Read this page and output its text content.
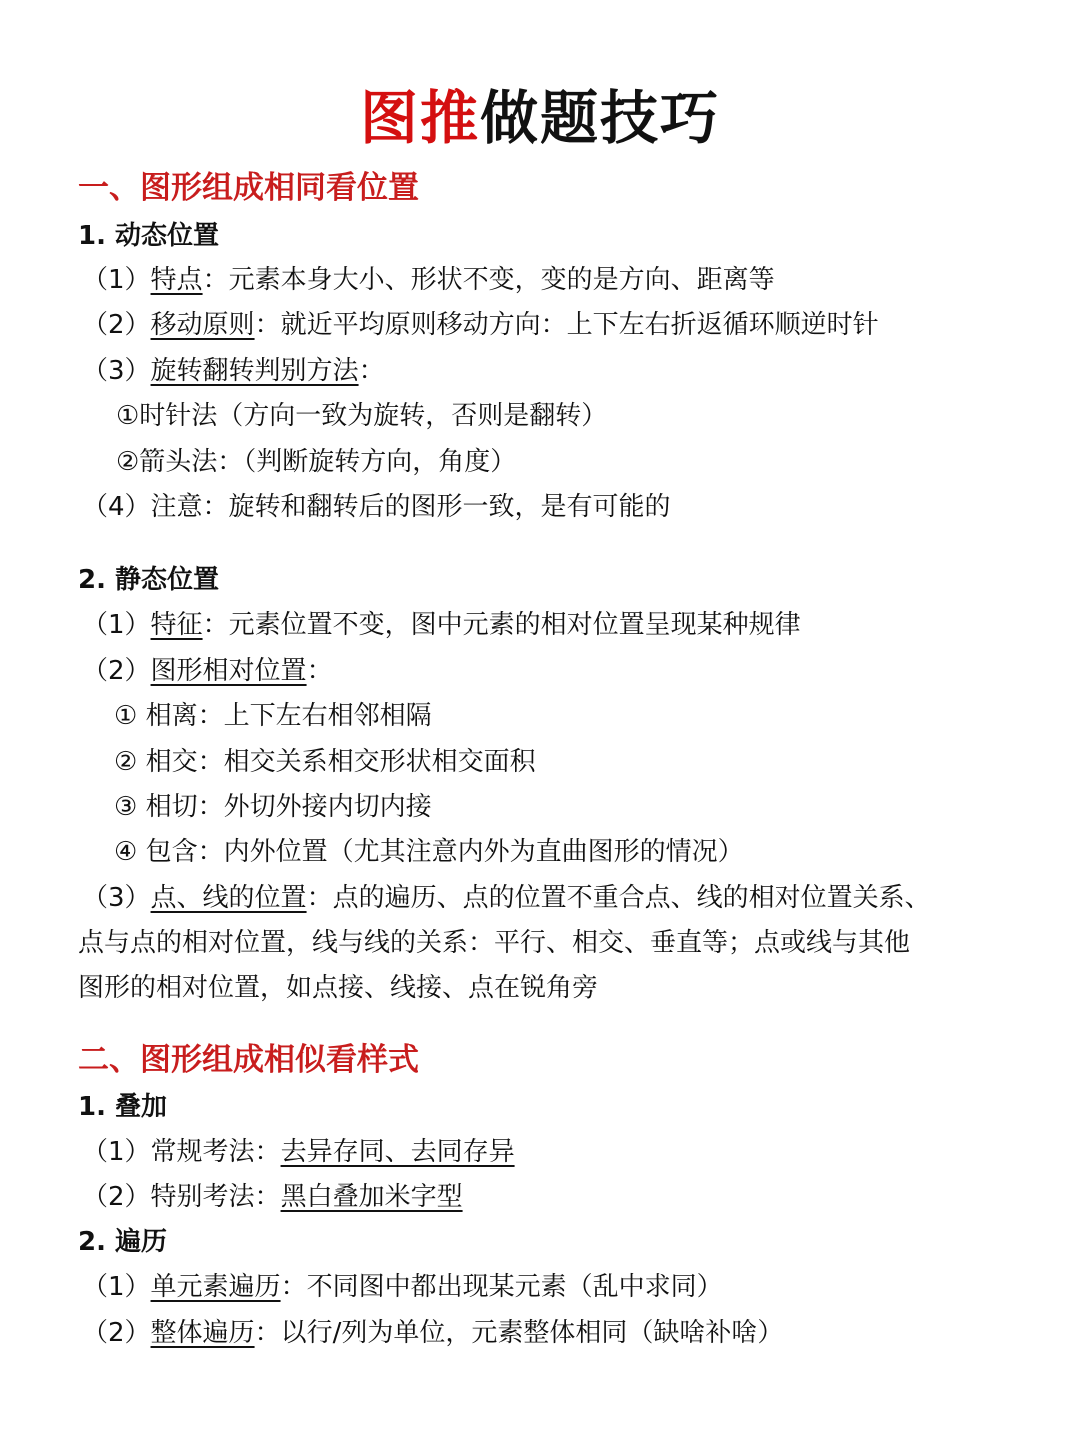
图推做题技巧
一、图形组成相同看位置
1. 动态位置
（1）特点：元素本身大小、形状不变，变的是方向、距离等
（2）移动原则：就近平均原则移动方向：上下左右折返循环顺逆时针
（3）旋转翻转判别方法：
①时针法（方向一致为旋转，否则是翻转）
②箭头法：（判断旋转方向，角度）
（4）注意：旋转和翻转后的图形一致，是有可能的
2. 静态位置
（1）特征：元素位置不变，图中元素的相对位置呈现某种规律
（2）图形相对位置：
① 相离：上下左右相邻相隔
② 相交：相交关系相交形状相交面积
③ 相切：外切外接内切内接
④ 包含：内外位置（尤其注意内外为直曲图形的情况）
（3）点、线的位置：点的遍历、点的位置不重合点、线的相对位置关系、
点与点的相对位置，线与线的关系：平行、相交、垂直等；点或线与其他
图形的相对位置，如点接、线接、点在锐角旁
二、图形组成相似看样式
1. 叠加
（1）常规考法：去异存同、去同存异
（2）特别考法：黑白叠加米字型
2. 遍历
（1）单元素遍历：不同图中都出现某元素（乱中求同）
（2）整体遍历：以行/列为单位，元素整体相同（缺啥补啥）
